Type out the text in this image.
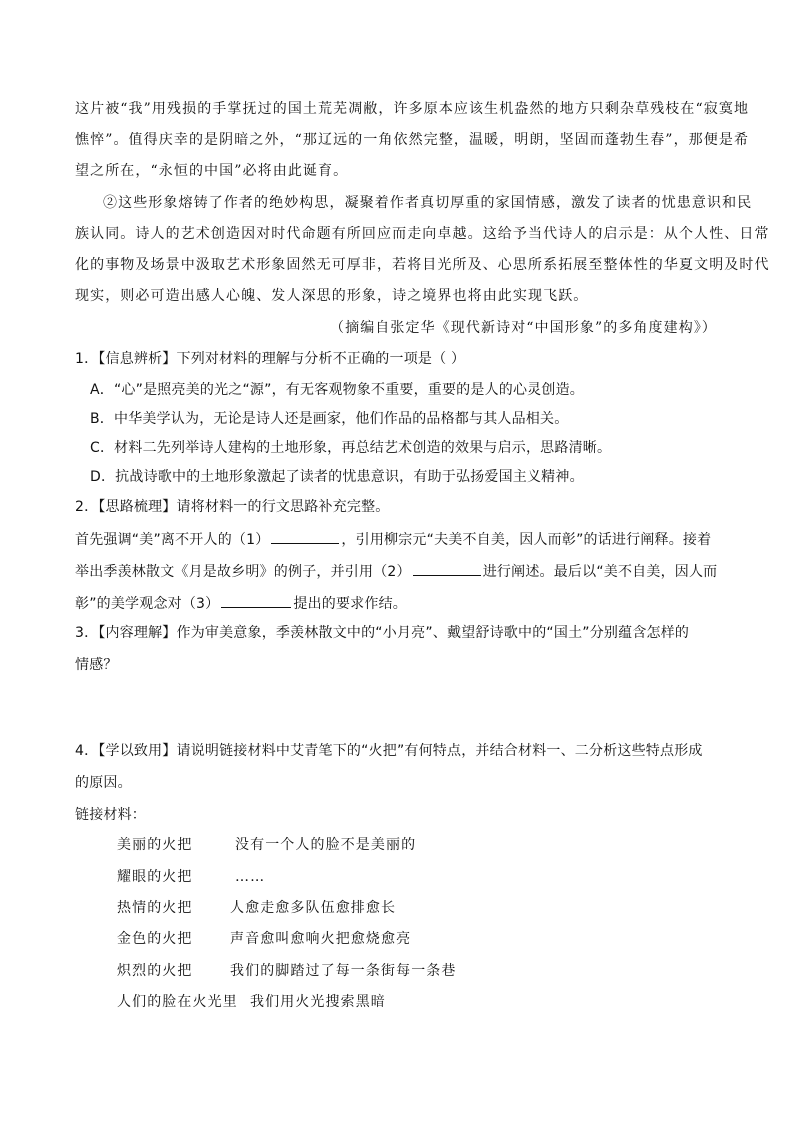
这片被“我”用残损的手掌抚过的国土荒芜凋敝，许多原本应该生机盎然的地方只剩杂草残枝在“寂寞地
憔悴”。值得庆幸的是阴暗之外，“那辽远的一角依然完整，温暖，明朗，坚固而蓬勃生春”，那便是希
望之所在，“永恒的中国”必将由此诞育。
②这些形象熔铸了作者的绝妙构思，凝聚着作者真切厚重的家国情感，激发了读者的忧患意识和民
族认同。诗人的艺术创造因对时代命题有所回应而走向卓越。这给予当代诗人的启示是：从个人性、日常
化的事物及场景中汲取艺术形象固然无可厚非，若将目光所及、心思所系拓展至整体性的华夏文明及时代
现实，则必可造出感人心魄、发人深思的形象，诗之境界也将由此实现飞跃。
（摘编自张定华《现代新诗对“中国形象”的多角度建构》）
1．【信息辨析】下列对材料的理解与分析不正确的一项是（ ）
A．“心”是照亮美的光之“源”，有无客观物象不重要，重要的是人的心灵创造。
B．中华美学认为，无论是诗人还是画家，他们作品的品格都与其人品相关。
C．材料二先列举诗人建构的土地形象，再总结艺术创造的效果与启示，思路清晰。
D．抗战诗歌中的土地形象激起了读者的忧患意识，有助于弘扬爱国主义精神。
2．【思路梳理】请将材料一的行文思路补充完整。
首先强调“美”离不开人的（1）	，引用柳宗元“夫美不自美，因人而彰”的话进行阐释。接着
举出季羡林散文《月是故乡明》的例子，并引用（2）	进行阐述。最后以“美不自美，因人而
彰”的美学观念对（3）	提出的要求作结。
3．【内容理解】作为审美意象，季羡林散文中的“小月亮”、戴望舒诗歌中的“国土”分别蕴含怎样的
情感？
4．【学以致用】请说明链接材料中艾青笔下的“火把”有何特点，并结合材料一、二分析这些特点形成
的原因。
链接材料：
美丽的火把	没有一个人的脸不是美丽的
耀眼的火把	……
热情的火把	人愈走愈多队伍愈排愈长
金色的火把	声音愈叫愈响火把愈烧愈亮
炽烈的火把	我们的脚踏过了每一条街每一条巷
人们的脸在火光里 我们用火光搜索黑暗
